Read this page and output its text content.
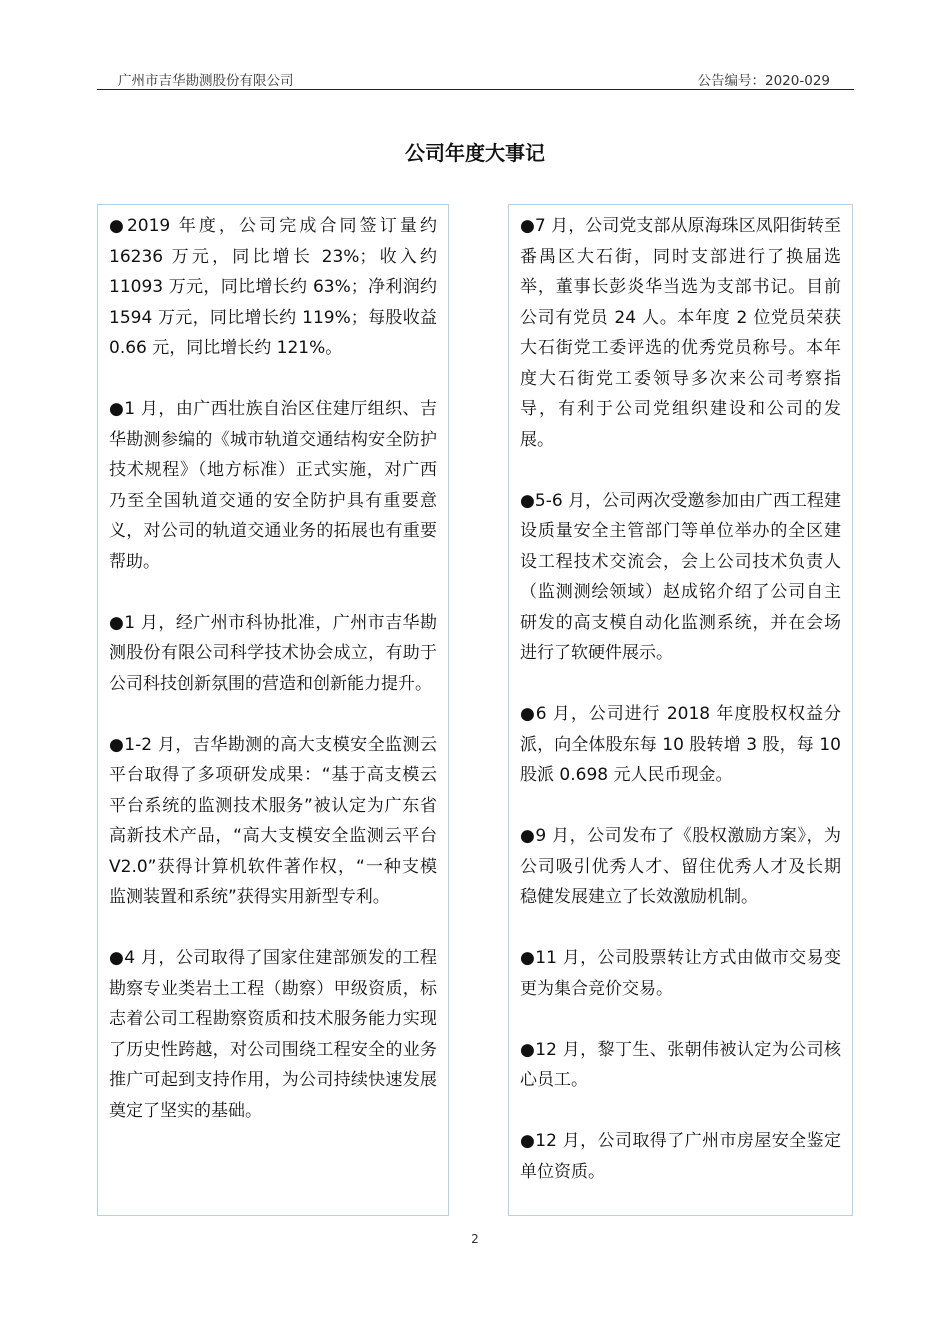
广州市吉华勘测股份有限公司	公告编号：2020-029
公司年度大事记

●2019 年度，公司完成合同签订量约 16236 万元，同比增长 23%；收入约 11093 万元，同比增长约 63%；净利润约 1594 万元，同比增长约 119%；每股收益 0.66 元，同比增长约 121%。

●1 月，由广西壮族自治区住建厅组织、吉华勘测参编的《城市轨道交通结构安全防护技术规程》（地方标准）正式实施，对广西乃至全国轨道交通的安全防护具有重要意义，对公司的轨道交通业务的拓展也有重要帮助。

●1 月，经广州市科协批准，广州市吉华勘测股份有限公司科学技术协会成立，有助于公司科技创新氛围的营造和创新能力提升。

●1-2 月，吉华勘测的高大支模安全监测云平台取得了多项研发成果：“基于高支模云平台系统的监测技术服务”被认定为广东省高新技术产品，“高大支模安全监测云平台 V2.0”获得计算机软件著作权，“一种支模监测装置和系统”获得实用新型专利。

●4 月，公司取得了国家住建部颁发的工程勘察专业类岩土工程（勘察）甲级资质，标志着公司工程勘察资质和技术服务能力实现了历史性跨越，对公司围绕工程安全的业务推广可起到支持作用，为公司持续快速发展奠定了坚实的基础。

●7 月，公司党支部从原海珠区凤阳街转至番禺区大石街，同时支部进行了换届选举，董事长彭炎华当选为支部书记。目前公司有党员 24 人。本年度 2 位党员荣获大石街党工委评选的优秀党员称号。本年度大石街党工委领导多次来公司考察指导，有利于公司党组织建设和公司的发展。

●5-6 月，公司两次受邀参加由广西工程建设质量安全主管部门等单位举办的全区建设工程技术交流会，会上公司技术负责人（监测测绘领域）赵成铭介绍了公司自主研发的高支模自动化监测系统，并在会场进行了软硬件展示。

●6 月，公司进行 2018 年度股权权益分派，向全体股东每 10 股转增 3 股，每 10 股派 0.698 元人民币现金。

●9 月，公司发布了《股权激励方案》，为公司吸引优秀人才、留住优秀人才及长期稳健发展建立了长效激励机制。

●11 月，公司股票转让方式由做市交易变更为集合竞价交易。

●12 月，黎丁生、张朝伟被认定为公司核心员工。

●12 月，公司取得了广州市房屋安全鉴定单位资质。

2
